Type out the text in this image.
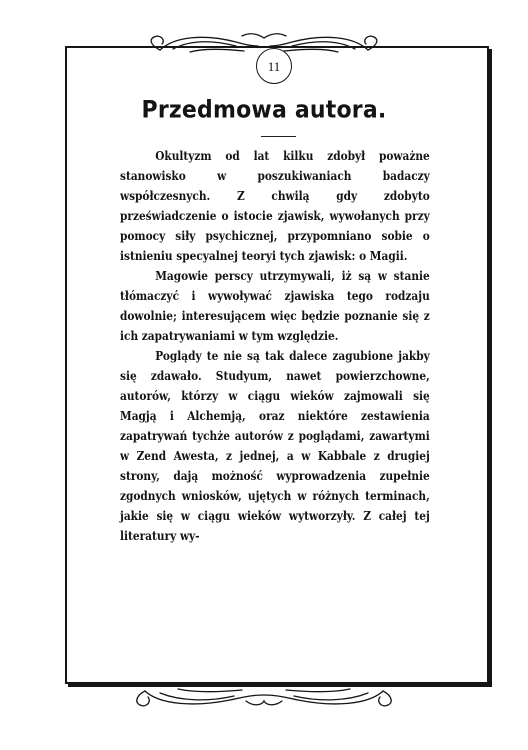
11
Przedmowa autora.

Okultyzm od lat kilku zdobył poważne stanowisko w poszukiwaniach badaczy współczesnych. Z chwilą gdy zdobyto przeświadczenie o istocie zjawisk, wywołanych przy pomocy siły psychicznej, przypomniano sobie o istnieniu specyalnej teoryi tych zjawisk: o Magii.

Magowie perscy utrzymywali, iż są w stanie tłómaczyć i wywoływać zjawiska tego rodzaju dowolnie; interesującem więc będzie poznanie się z ich zapatrywaniami w tym względzie.

Poglądy te nie są tak dalece zagubione jakby się zdawało. Studyum, nawet powierzchowne, autorów, którzy w ciągu wieków zajmowali się Magją i Alchemją, oraz niektóre zestawienia zapatrywań tychże autorów z poglądami, zawartymi w Zend Awesta, z jednej, a w Kabbale z drugiej strony, dają możność wyprowadzenia zupełnie zgodnych wniosków, ujętych w różnych terminach, jakie się w ciągu wieków wytworzyły. Z całej tej literatury wy-
